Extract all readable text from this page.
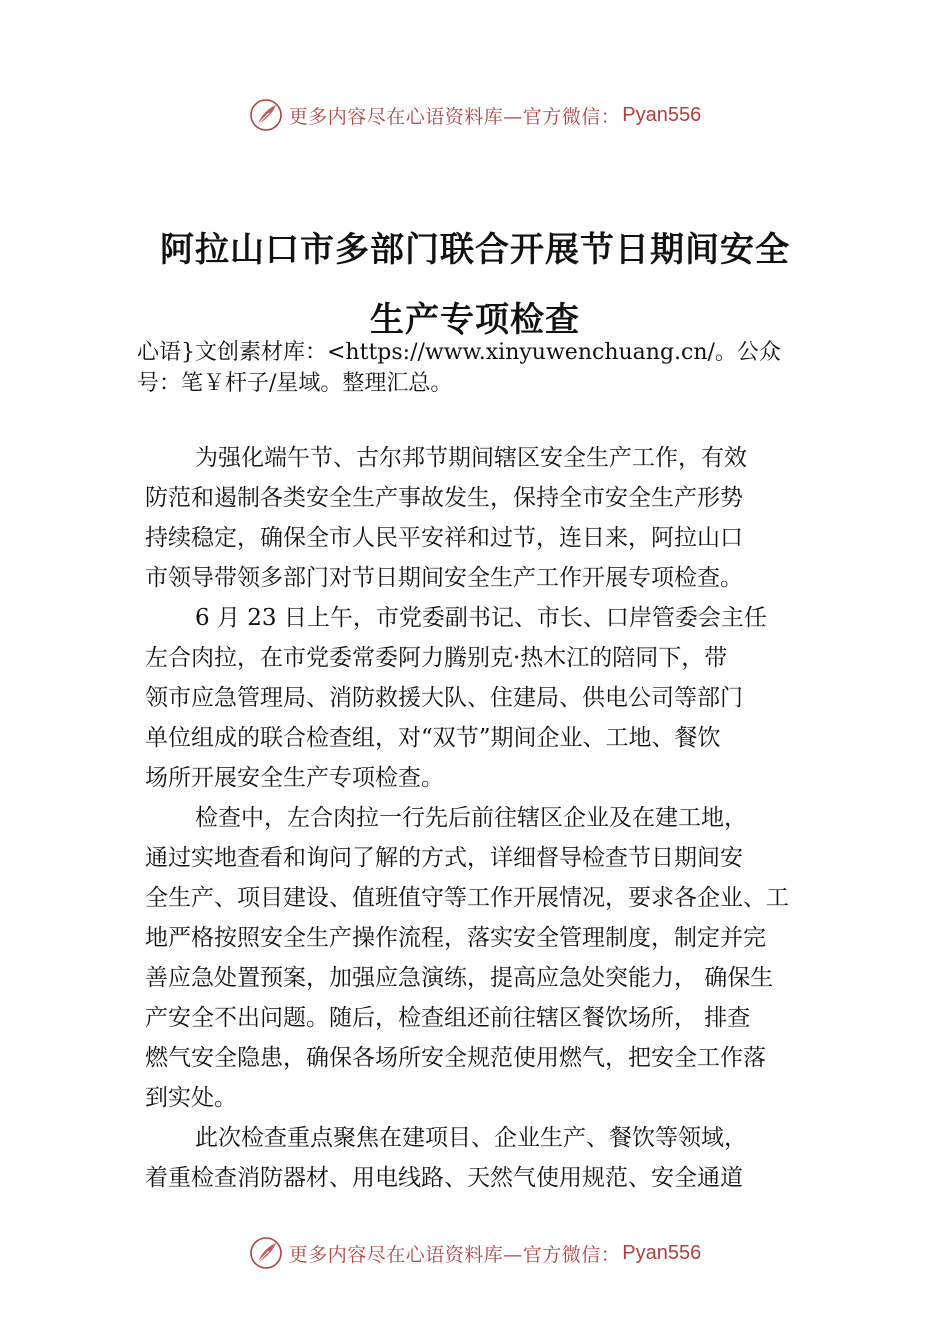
更多内容尽在心语资料库—官方微信： Pyan556
阿拉山口市多部门联合开展节日期间安全
生产专项检查
心语}文创素材库：<https://www.xinyuwenchuang.cn/。公众
号：笔￥杆子/星域。整理汇总。
为强化端午节、古尔邦节期间辖区安全生产工作，有效
防范和遏制各类安全生产事故发生，保持全市安全生产形势
持续稳定，确保全市人民平安祥和过节，连日来，阿拉山口
市领导带领多部门对节日期间安全生产工作开展专项检查。
6 月 23 日上午，市党委副书记、市长、口岸管委会主任
左合肉拉，在市党委常委阿力腾别克·热木江的陪同下，带
领市应急管理局、消防救援大队、住建局、供电公司等部门
单位组成的联合检查组，对“双节”期间企业、工地、餐饮
场所开展安全生产专项检查。
检查中，左合肉拉一行先后前往辖区企业及在建工地，
通过实地查看和询问了解的方式，详细督导检查节日期间安
全生产、项目建设、值班值守等工作开展情况，要求各企业、工
地严格按照安全生产操作流程，落实安全管理制度，制定并完
善应急处置预案，加强应急演练，提高应急处突能力， 确保生
产安全不出问题。随后，检查组还前往辖区餐饮场所， 排查
燃气安全隐患，确保各场所安全规范使用燃气，把安全工作落
到实处。
此次检查重点聚焦在建项目、企业生产、餐饮等领域，
着重检查消防器材、用电线路、天然气使用规范、安全通道
更多内容尽在心语资料库—官方微信： Pyan556
